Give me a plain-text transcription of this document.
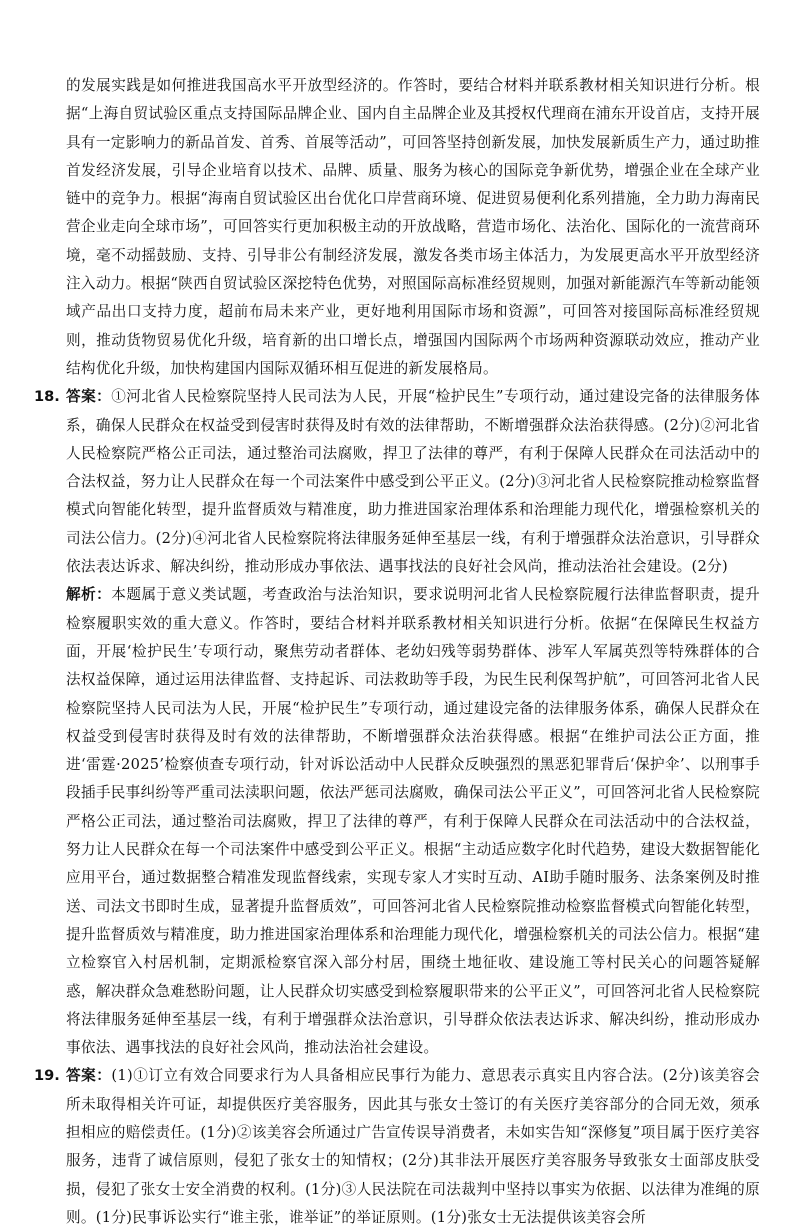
的发展实践是如何推进我国高水平开放型经济的。作答时，要结合材料并联系教材相关知识进行分析。根据“上海自贸试验区重点支持国际品牌企业、国内自主品牌企业及其授权代理商在浦东开设首店，支持开展具有一定影响力的新品首发、首秀、首展等活动”，可回答坚持创新发展，加快发展新质生产力，通过助推首发经济发展，引导企业培育以技术、品牌、质量、服务为核心的国际竞争新优势，增强企业在全球产业链中的竞争力。根据“海南自贸试验区出台优化口岸营商环境、促进贸易便利化系列措施，全力助力海南民营企业走向全球市场”，可回答实行更加积极主动的开放战略，营造市场化、法治化、国际化的一流营商环境，毫不动摇鼓励、支持、引导非公有制经济发展，激发各类市场主体活力，为发展更高水平开放型经济注入动力。根据“陕西自贸试验区深挖特色优势，对照国际高标准经贸规则，加强对新能源汽车等新动能领域产品出口支持力度，超前布局未来产业，更好地利用国际市场和资源”，可回答对接国际高标准经贸规则，推动货物贸易优化升级，培育新的出口增长点，增强国内国际两个市场两种资源联动效应，推动产业结构优化升级，加快构建国内国际双循环相互促进的新发展格局。

18. 答案：①河北省人民检察院坚持人民司法为人民，开展“检护民生”专项行动，通过建设完备的法律服务体系，确保人民群众在权益受到侵害时获得及时有效的法律帮助，不断增强群众法治获得感。(2分)②河北省人民检察院严格公正司法，通过整治司法腐败，捍卫了法律的尊严，有利于保障人民群众在司法活动中的合法权益，努力让人民群众在每一个司法案件中感受到公平正义。(2分)③河北省人民检察院推动检察监督模式向智能化转型，提升监督质效与精准度，助力推进国家治理体系和治理能力现代化，增强检察机关的司法公信力。(2分)④河北省人民检察院将法律服务延伸至基层一线，有利于增强群众法治意识，引导群众依法表达诉求、解决纠纷，推动形成办事依法、遇事找法的良好社会风尚，推动法治社会建设。(2分)

解析：本题属于意义类试题，考查政治与法治知识，要求说明河北省人民检察院履行法律监督职责，提升检察履职实效的重大意义。作答时，要结合材料并联系教材相关知识进行分析。依据“在保障民生权益方面，开展‘检护民生’专项行动，聚焦劳动者群体、老幼妇残等弱势群体、涉军人军属英烈等特殊群体的合法权益保障，通过运用法律监督、支持起诉、司法救助等手段，为民生民利保驾护航”，可回答河北省人民检察院坚持人民司法为人民，开展“检护民生”专项行动，通过建设完备的法律服务体系，确保人民群众在权益受到侵害时获得及时有效的法律帮助，不断增强群众法治获得感。根据“在维护司法公正方面，推进‘雷霆·2025’检察侦查专项行动，针对诉讼活动中人民群众反映强烈的黑恶犯罪背后‘保护伞’、以刑事手段插手民事纠纷等严重司法渎职问题，依法严惩司法腐败，确保司法公平正义”，可回答河北省人民检察院严格公正司法，通过整治司法腐败，捍卫了法律的尊严，有利于保障人民群众在司法活动中的合法权益，努力让人民群众在每一个司法案件中感受到公平正义。根据“主动适应数字化时代趋势，建设大数据智能化应用平台，通过数据整合精准发现监督线索，实现专家人才实时互动、AI助手随时服务、法条案例及时推送、司法文书即时生成，显著提升监督质效”，可回答河北省人民检察院推动检察监督模式向智能化转型，提升监督质效与精准度，助力推进国家治理体系和治理能力现代化，增强检察机关的司法公信力。根据“建立检察官入村居机制，定期派检察官深入部分村居，围绕土地征收、建设施工等村民关心的问题答疑解惑，解决群众急难愁盼问题，让人民群众切实感受到检察履职带来的公平正义”，可回答河北省人民检察院将法律服务延伸至基层一线，有利于增强群众法治意识，引导群众依法表达诉求、解决纠纷，推动形成办事依法、遇事找法的良好社会风尚，推动法治社会建设。

19. 答案：(1)①订立有效合同要求行为人具备相应民事行为能力、意思表示真实且内容合法。(2分)该美容会所未取得相关许可证，却提供医疗美容服务，因此其与张女士签订的有关医疗美容部分的合同无效，须承担相应的赔偿责任。(1分)②该美容会所通过广告宣传误导消费者，未如实告知“深修复”项目属于医疗美容服务，违背了诚信原则，侵犯了张女士的知情权；(2分)其非法开展医疗美容服务导致张女士面部皮肤受损，侵犯了张女士安全消费的权利。(1分)③人民法院在司法裁判中坚持以事实为依据、以法律为准绳的原则。(1分)民事诉讼实行“谁主张，谁举证”的举证原则。(1分)张女士无法提供该美容会所
